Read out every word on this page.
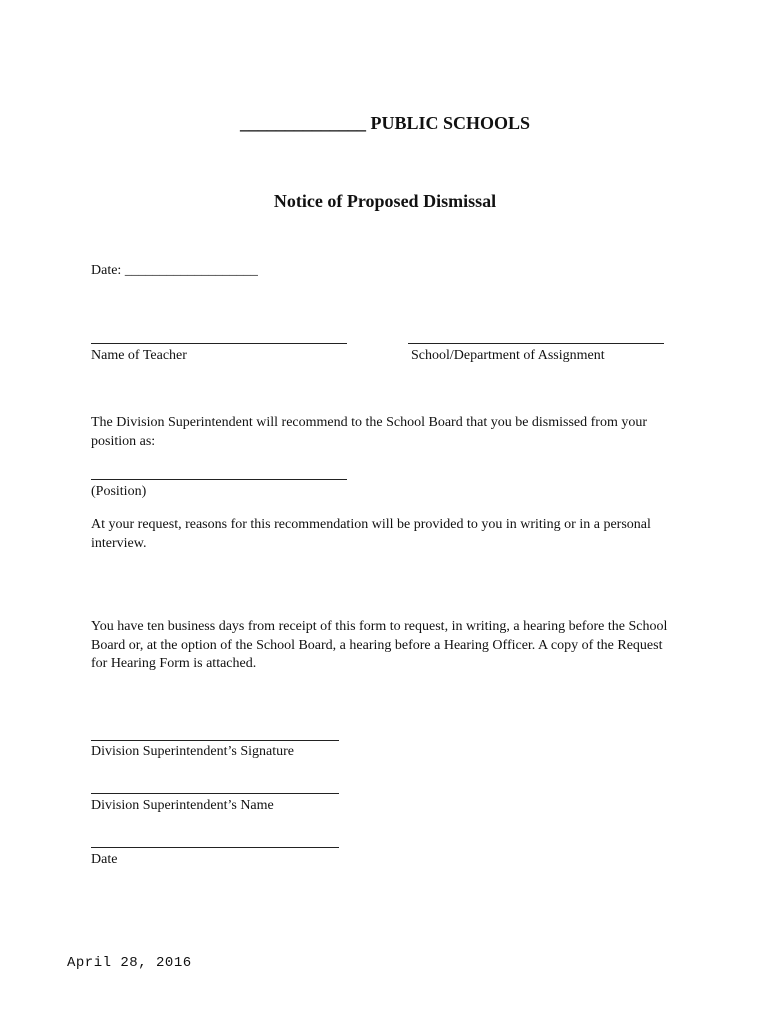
______________ PUBLIC SCHOOLS
Notice of Proposed Dismissal
Date: ___________________
Name of Teacher	School/Department of Assignment
The Division Superintendent will recommend to the School Board that you be dismissed from your position as:
(Position)
At your request, reasons for this recommendation will be provided to you in writing or in a personal interview.
You have ten business days from receipt of this form to request, in writing, a hearing before the School Board or, at the option of the School Board, a hearing before a Hearing Officer. A copy of the Request for Hearing Form is attached.
Division Superintendent’s Signature
Division Superintendent’s Name
Date
April 28, 2016
